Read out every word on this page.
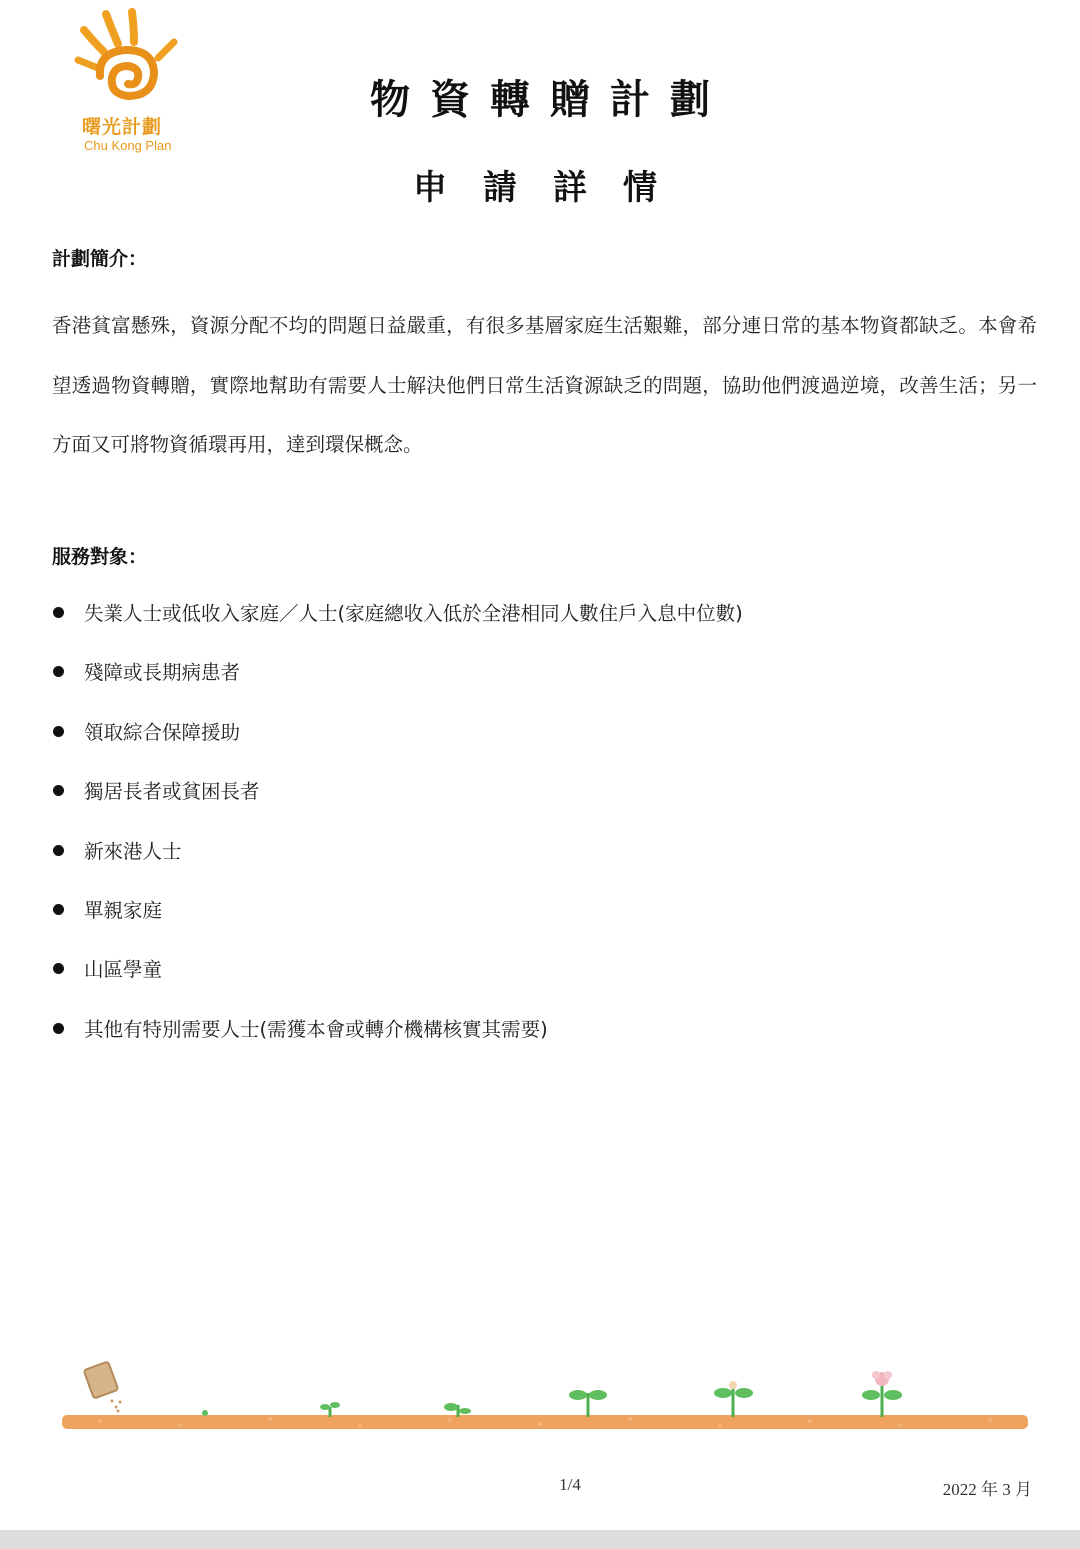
曙光計劃
Chu Kong Plan
物資轉贈計劃
申請詳情
計劃簡介：

香港貧富懸殊，資源分配不均的問題日益嚴重，有很多基層家庭生活艱難，部分連日常的基本物資都缺乏。本會希望透過物資轉贈，實際地幫助有需要人士解決他們日常生活資源缺乏的問題，協助他們渡過逆境，改善生活；另一方面又可將物資循環再用，達到環保概念。

服務對象：
失業人士或低收入家庭／人士(家庭總收入低於全港相同人數住戶入息中位數)
殘障或長期病患者
領取綜合保障援助
獨居長者或貧困長者
新來港人士
單親家庭
山區學童
其他有特別需要人士(需獲本會或轉介機構核實其需要)
1/4	2022 年 3 月
